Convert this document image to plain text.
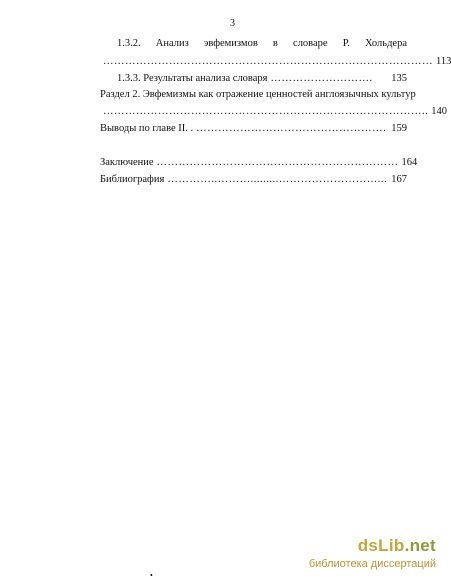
3
1.3.2. Анализ эвфемизмов в словаре Р. Хольдера
……………………………………………………………………………… 113
1.3.3. Результаты анализа словаря ……………………….	135
Раздел 2. Эвфемизмы как отражение ценностей англоязычных культур
…………………………………………………………………………….. 140
Выводы по главе II. . ……………………………………………. 159
Заключение ………………………………………………………… 164
Библиография …………..……….........………………………... 167
dsLib.net
библиотека диссертаций
•
